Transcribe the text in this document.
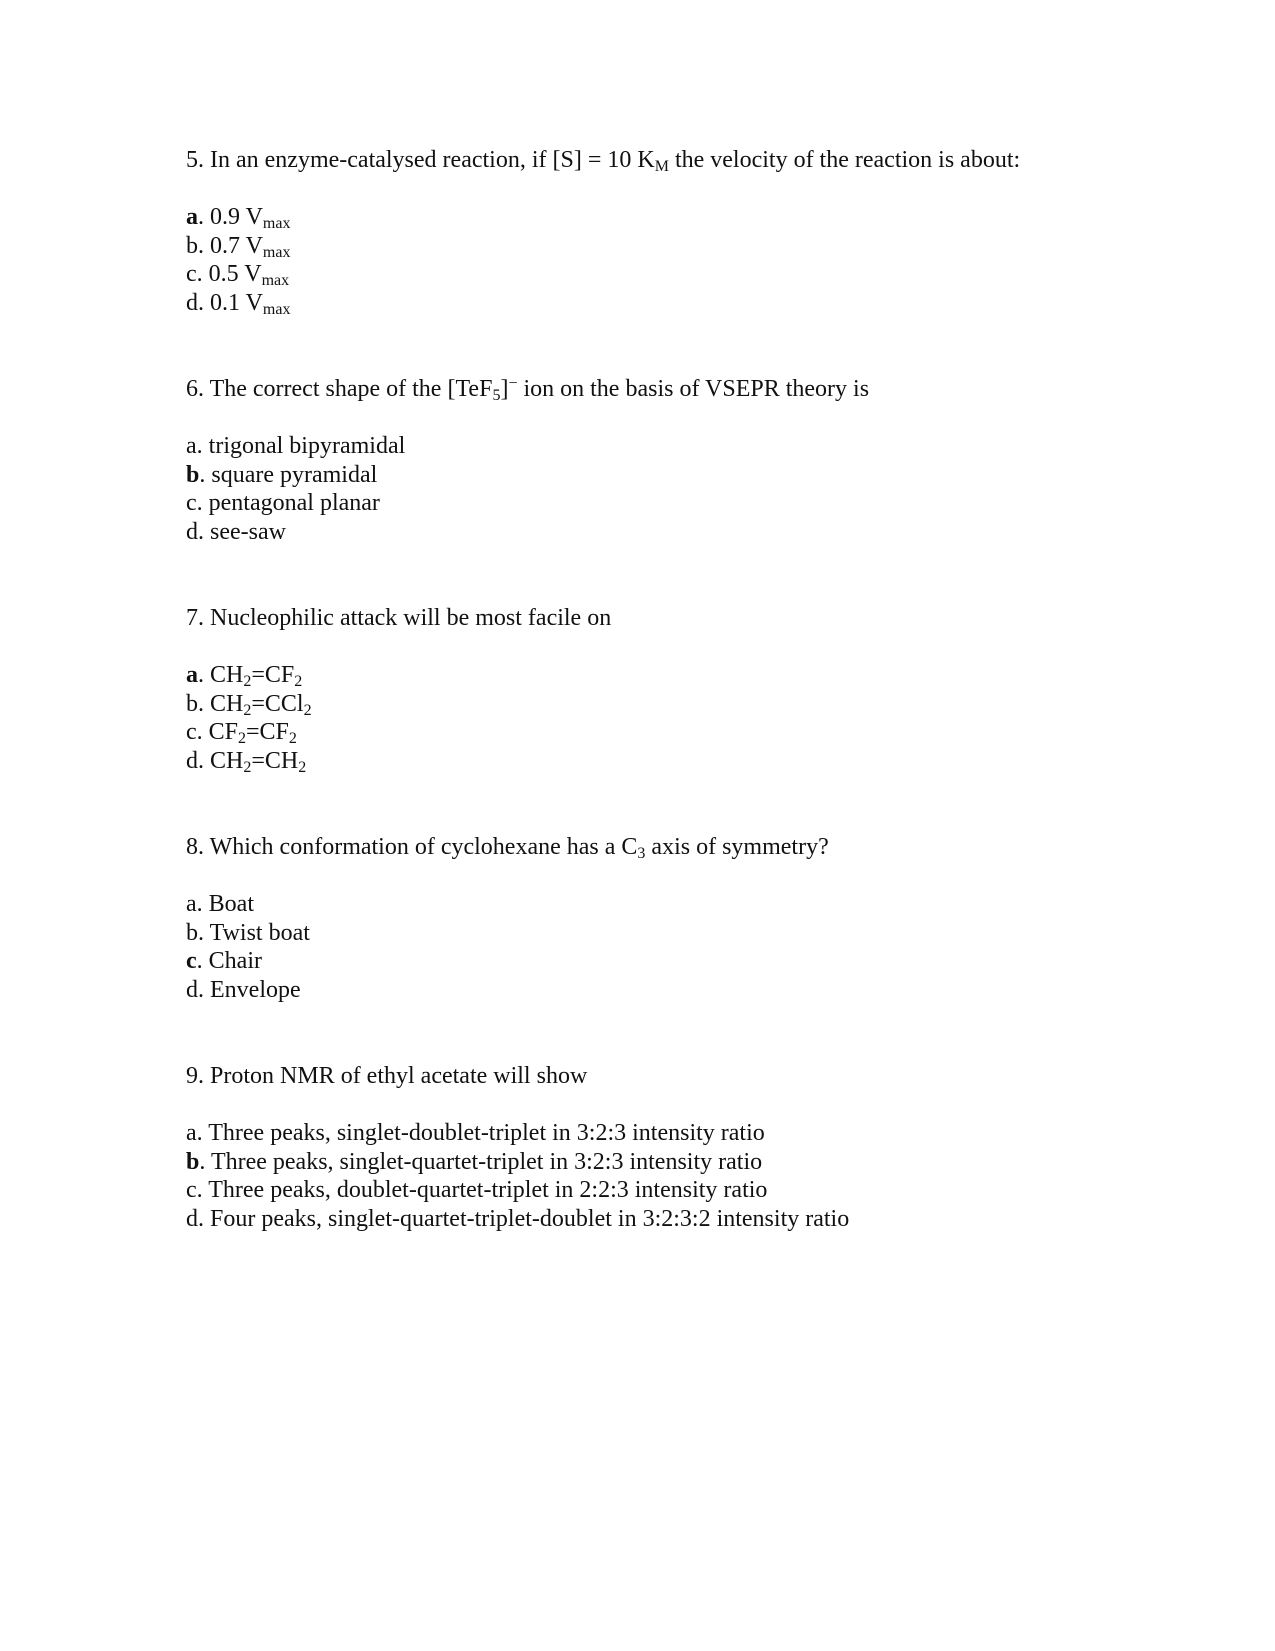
5. In an enzyme-catalysed reaction, if [S] = 10 $K_M$ the velocity of the reaction is about:

a. 0.9 $V_{max}$

b. 0.7 $V_{max}$

c. 0.5 $V_{max}$

d. 0.1 $V_{max}$

6. The correct shape of the [TeF$_5$]− ion on the basis of VSEPR theory is

a. trigonal bipyramidal

b. square pyramidal

c. pentagonal planar

d. see-saw

7. Nucleophilic attack will be most facile on

a. $CH_2=CF_2$

b. $CH_2=CCl_2$

c. $CF_2=CF_2$

d. $CH_2=CH_2$

8. Which conformation of cyclohexane has a $C_3$ axis of symmetry?

a. Boat

b. Twist boat

c. Chair

d. Envelope

9. Proton NMR of ethyl acetate will show

a. Three peaks, singlet-doublet-triplet in 3:2:3 intensity ratio

b. Three peaks, singlet-quartet-triplet in 3:2:3 intensity ratio

c. Three peaks, doublet-quartet-triplet in 2:2:3 intensity ratio

d. Four peaks, singlet-quartet-triplet-doublet in 3:2:3:2 intensity ratio
